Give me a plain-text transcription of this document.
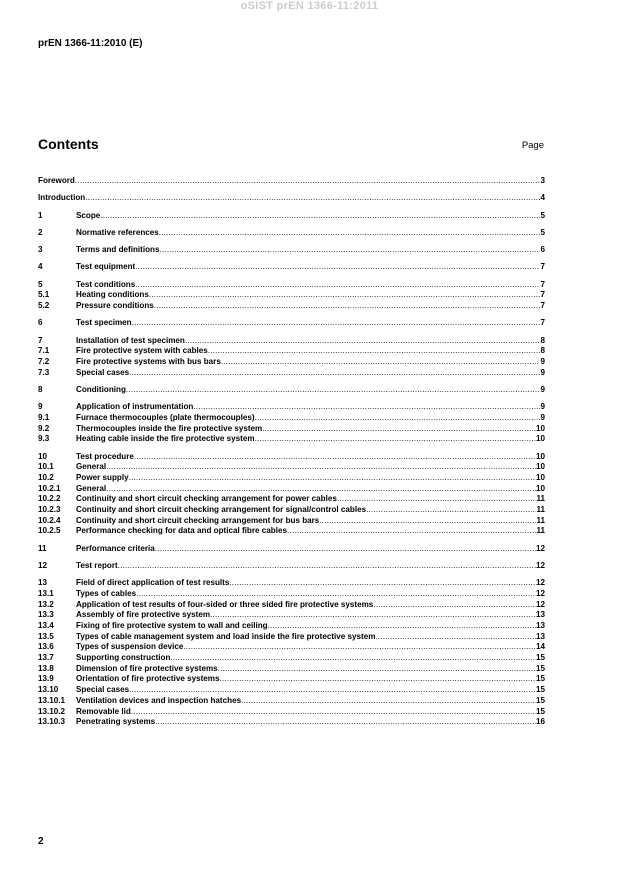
oSIST prEN 1366-11:2011
prEN 1366-11:2010 (E)
Contents	Page
Foreword .....	3
Introduction .....	4
1	Scope .....	5
2	Normative references .....	5
3	Terms and definitions .....	6
4	Test equipment .....	7
5	Test conditions .....	7
5.1	Heating conditions .....	7
5.2	Pressure conditions .....	7
6	Test specimen .....	7
7	Installation of test specimen .....	8
7.1	Fire protective system with cables .....	8
7.2	Fire protective systems with bus bars .....	9
7.3	Special cases .....	9
8	Conditioning .....	9
9	Application of instrumentation .....	9
9.1	Furnace thermocouples (plate thermocouples) .....	9
9.2	Thermocouples inside the fire protective system .....	10
9.3	Heating cable inside the fire protective system .....	10
10	Test procedure .....	10
10.1	General .....	10
10.2	Power supply .....	10
10.2.1	General .....	10
10.2.2	Continuity and short circuit checking arrangement for power cables .....	11
10.2.3	Continuity and short circuit checking arrangement for signal/control cables .....	11
10.2.4	Continuity and short circuit checking arrangement for bus bars .....	11
10.2.5	Performance checking for data and optical fibre cables .....	11
11	Performance criteria .....	12
12	Test report .....	12
13	Field of direct application of test results .....	12
13.1	Types of cables .....	12
13.2	Application of test results of four-sided or three sided fire protective systems .....	12
13.3	Assembly of fire protective system .....	13
13.4	Fixing of fire protective system to wall and ceiling .....	13
13.5	Types of cable management system and load inside the fire protective system .....	13
13.6	Types of suspension device .....	14
13.7	Supporting construction .....	15
13.8	Dimension of fire protective systems .....	15
13.9	Orientation of fire protective systems .....	15
13.10	Special cases .....	15
13.10.1	Ventilation devices and inspection hatches .....	15
13.10.2	Removable lid .....	15
13.10.3	Penetrating systems .....	16
2
